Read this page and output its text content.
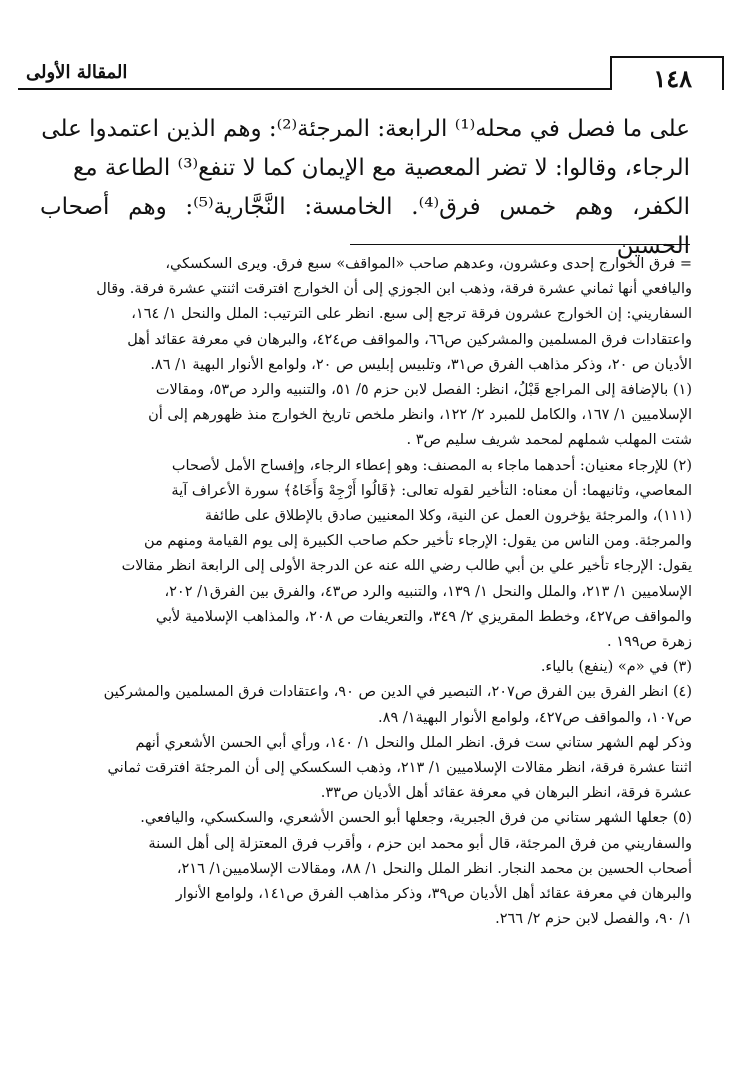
١٤٨
المقالة الأولى

على ما فصل في محله⁽¹⁾ الرابعة: المرجئة⁽²⁾: وهم الذين اعتمدوا على

الرجاء، وقالوا: لا تضر المعصية مع الإيمان كما لا تنفع⁽³⁾ الطاعة مع

الكفر، وهم خمس فرق⁽⁴⁾. الخامسة: النَّجَّارية⁽⁵⁾: وهم أصحاب الحسين

= فرق الخوارج إحدى وعشرون، وعدهم صاحب «المواقف» سبع فرق. ويرى السكسكي،

واليافعي أنها ثماني عشرة فرقة، وذهب ابن الجوزي إلى أن الخوارج افترقت اثنتي عشرة فرقة. وقال

السفاريني: إن الخوارج عشرون فرقة ترجع إلى سبع. انظر على الترتيب: الملل والنحل ١/ ١٦٤،

واعتقادات فرق المسلمين والمشركين ص٦٦، والمواقف ص٤٢٤، والبرهان في معرفة عقائد أهل

الأديان ص ٢٠، وذكر مذاهب الفرق ص٣١، وتلبيس إبليس ص ٢٠، ولوامع الأنوار البهية ١/ ٨٦.

(١) بالإضافة إلى المراجع قَبْلُ، انظر: الفصل لابن حزم ٥/ ٥١، والتنبيه والرد ص٥٣، ومقالات

الإسلاميين ١/ ١٦٧، والكامل للمبرد ٢/ ١٢٢، وانظر ملخص تاريخ الخوارج منذ ظهورهم إلى أن

شتت المهلب شملهم لمحمد شريف سليم ص٣ .

(٢) للإرجاء معنيان: أحدهما ماجاء به المصنف: وهو إعطاء الرجاء، وإفساح الأمل لأصحاب

المعاصي، وثانيهما: أن معناه: التأخير لقوله تعالى: ﴿قَالُوا أَرْجِهْ وَأَخَاهُ﴾ سورة الأعراف آية

(١١١)، والمرجئة يؤخرون العمل عن النية، وكلا المعنيين صادق بالإطلاق على طائفة

والمرجئة. ومن الناس من يقول: الإرجاء تأخير حكم صاحب الكبيرة إلى يوم القيامة ومنهم من

يقول: الإرجاء تأخير علي بن أبي طالب رضي الله عنه عن الدرجة الأولى إلى الرابعة انظر مقالات

الإسلاميين ١/ ٢١٣، والملل والنحل ١/ ١٣٩، والتنبيه والرد ص٤٣، والفرق بين الفرق١/ ٢٠٢،

والمواقف ص٤٢٧، وخطط المقريزي ٢/ ٣٤٩، والتعريفات ص ٢٠٨، والمذاهب الإسلامية لأبي

زهرة ص١٩٩ .

(٣) في «م» (ينفع) بالياء.

(٤) انظر الفرق بين الفرق ص٢٠٧، التبصير في الدين ص ٩٠، واعتقادات فرق المسلمين والمشركين

ص١٠٧، والمواقف ص٤٢٧، ولوامع الأنوار البهية١/ ٨٩.

وذكر لهم الشهر ستاني ست فرق. انظر الملل والنحل ١/ ١٤٠، ورأي أبي الحسن الأشعري أنهم

اثنتا عشرة فرقة، انظر مقالات الإسلاميين ١/ ٢١٣، وذهب السكسكي إلى أن المرجئة افترقت ثماني

عشرة فرقة، انظر البرهان في معرفة عقائد أهل الأديان ص٣٣.

(٥) جعلها الشهر ستاني من فرق الجبرية، وجعلها أبو الحسن الأشعري، والسكسكي، واليافعي.

والسفاريني من فرق المرجئة، قال أبو محمد ابن حزم ، وأقرب فرق المعتزلة إلى أهل السنة

أصحاب الحسين بن محمد النجار. انظر الملل والنحل ١/ ٨٨، ومقالات الإسلاميين١/ ٢١٦،

والبرهان في معرفة عقائد أهل الأديان ص٣٩، وذكر مذاهب الفرق ص١٤١، ولوامع الأنوار

١/ ٩٠، والفصل لابن حزم ٢/ ٢٦٦.
